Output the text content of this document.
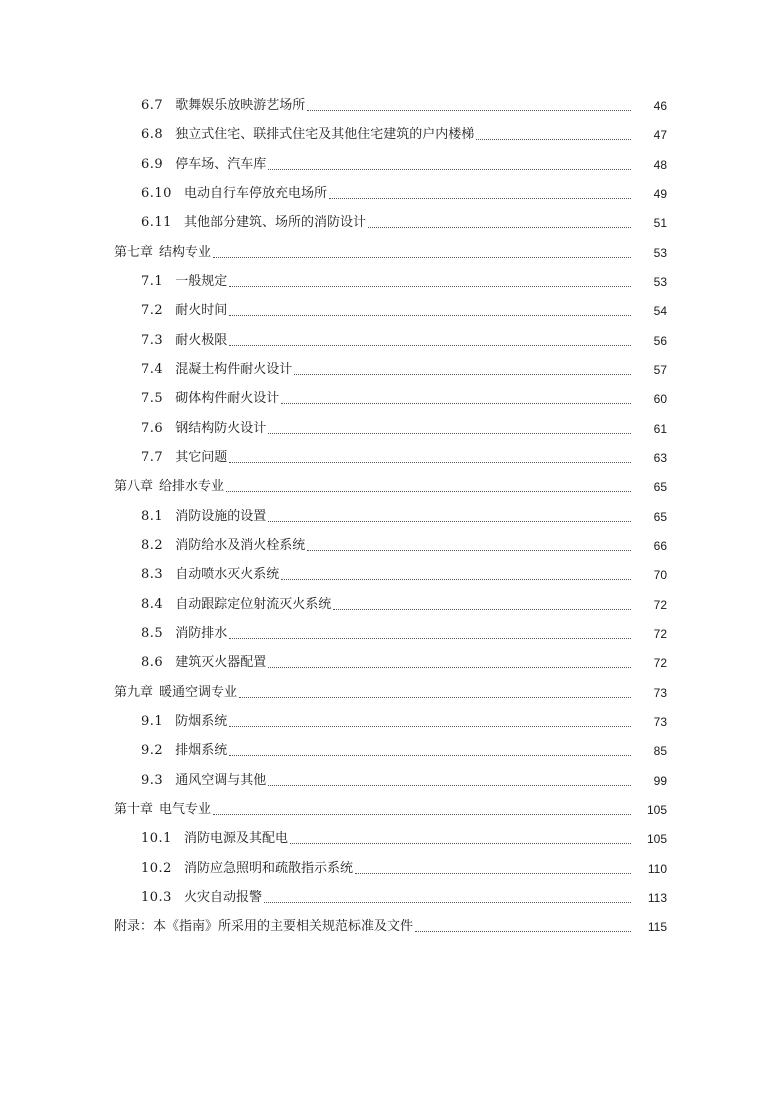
6.7 歌舞娱乐放映游艺场所	46
6.8 独立式住宅、联排式住宅及其他住宅建筑的户内楼梯	47
6.9 停车场、汽车库	48
6.10 电动自行车停放充电场所	49
6.11 其他部分建筑、场所的消防设计	51
第七章 结构专业	53
7.1 一般规定	53
7.2 耐火时间	54
7.3 耐火极限	56
7.4 混凝土构件耐火设计	57
7.5 砌体构件耐火设计	60
7.6 钢结构防火设计	61
7.7 其它问题	63
第八章 给排水专业	65
8.1 消防设施的设置	65
8.2 消防给水及消火栓系统	66
8.3 自动喷水灭火系统	70
8.4 自动跟踪定位射流灭火系统	72
8.5 消防排水	72
8.6 建筑灭火器配置	72
第九章 暖通空调专业	73
9.1 防烟系统	73
9.2 排烟系统	85
9.3 通风空调与其他	99
第十章 电气专业	105
10.1 消防电源及其配电	105
10.2 消防应急照明和疏散指示系统	110
10.3 火灾自动报警	113
附录：本《指南》所采用的主要相关规范标准及文件	115
